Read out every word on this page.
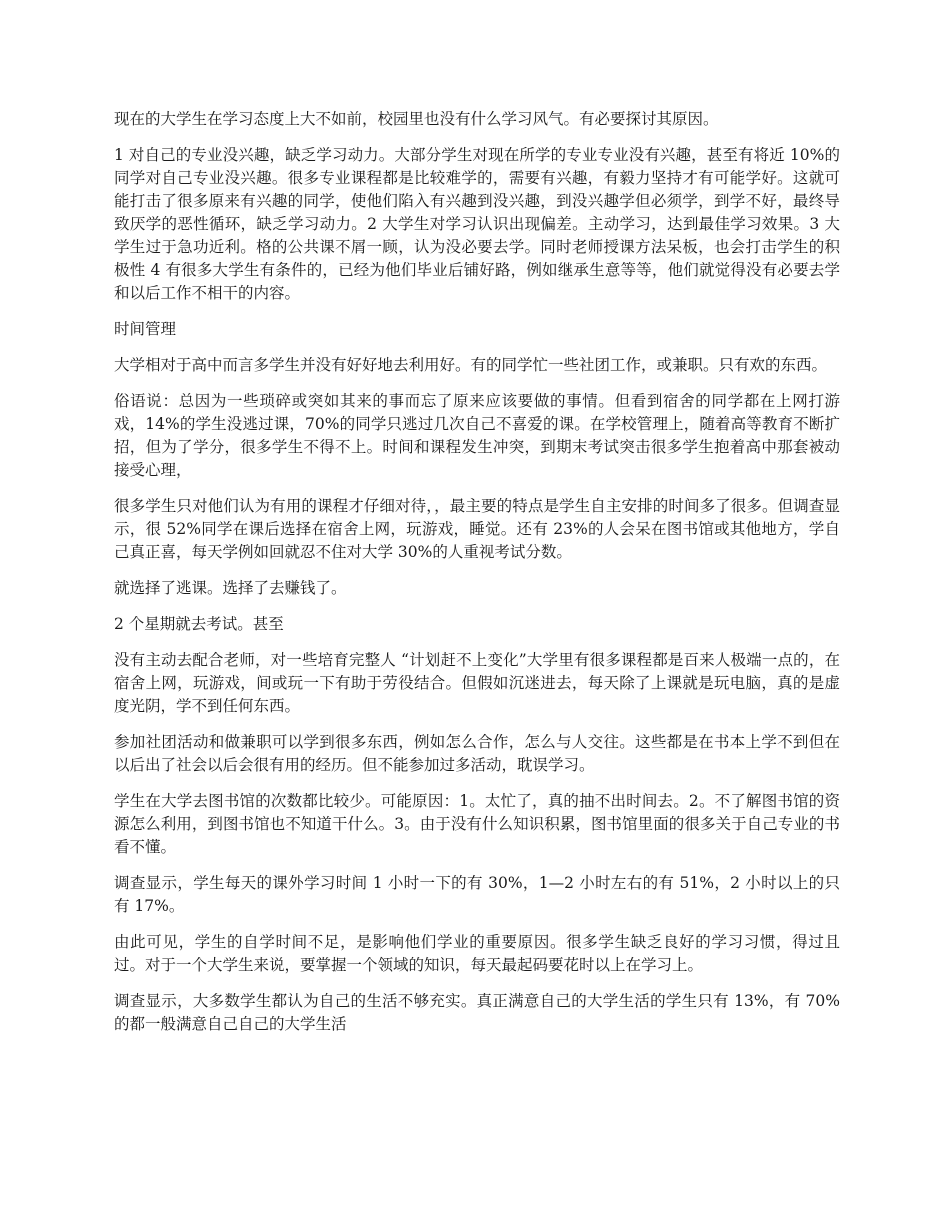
现在的大学生在学习态度上大不如前，校园里也没有什么学习风气。有必要探讨其原因。

1 对自己的专业没兴趣，缺乏学习动力。大部分学生对现在所学的专业专业没有兴趣，甚至有将近 10%的同学对自己专业没兴趣。很多专业课程都是比较难学的，需要有兴趣，有毅力坚持才有可能学好。这就可能打击了很多原来有兴趣的同学，使他们陷入有兴趣到没兴趣，到没兴趣学但必须学，到学不好，最终导致厌学的恶性循环，缺乏学习动力。2 大学生对学习认识出现偏差。主动学习，达到最佳学习效果。3 大学生过于急功近利。格的公共课不屑一顾，认为没必要去学。同时老师授课方法呆板，也会打击学生的积极性 4 有很多大学生有条件的，已经为他们毕业后铺好路，例如继承生意等等，他们就觉得没有必要去学和以后工作不相干的内容。

时间管理

大学相对于高中而言多学生并没有好好地去利用好。有的同学忙一些社团工作，或兼职。只有欢的东西。

俗语说：总因为一些琐碎或突如其来的事而忘了原来应该要做的事情。但看到宿舍的同学都在上网打游戏，14%的学生没逃过课，70%的同学只逃过几次自己不喜爱的课。在学校管理上，随着高等教育不断扩招，但为了学分，很多学生不得不上。时间和课程发生冲突，到期末考试突击很多学生抱着高中那套被动接受心理，

很多学生只对他们认为有用的课程才仔细对待，，最主要的特点是学生自主安排的时间多了很多。但调查显示，很 52%同学在课后选择在宿舍上网，玩游戏，睡觉。还有 23%的人会呆在图书馆或其他地方，学自己真正喜，每天学例如回就忍不住对大学 30%的人重视考试分数。

就选择了逃课。选择了去赚钱了。

2 个星期就去考试。甚至

没有主动去配合老师，对一些培育完整人 “计划赶不上变化”大学里有很多课程都是百来人极端一点的，在宿舍上网，玩游戏，间或玩一下有助于劳役结合。但假如沉迷进去，每天除了上课就是玩电脑，真的是虚度光阴，学不到任何东西。

参加社团活动和做兼职可以学到很多东西，例如怎么合作，怎么与人交往。这些都是在书本上学不到但在以后出了社会以后会很有用的经历。但不能参加过多活动，耽误学习。

学生在大学去图书馆的次数都比较少。可能原因：1。太忙了，真的抽不出时间去。2。不了解图书馆的资源怎么利用，到图书馆也不知道干什么。3。由于没有什么知识积累，图书馆里面的很多关于自己专业的书看不懂。

调查显示，学生每天的课外学习时间 1 小时一下的有 30%，1—2 小时左右的有 51%，2 小时以上的只有 17%。

由此可见，学生的自学时间不足，是影响他们学业的重要原因。很多学生缺乏良好的学习习惯，得过且过。对于一个大学生来说，要掌握一个领域的知识，每天最起码要花时以上在学习上。

调查显示，大多数学生都认为自己的生活不够充实。真正满意自己的大学生活的学生只有 13%，有 70%的都一般满意自己自己的大学生活
